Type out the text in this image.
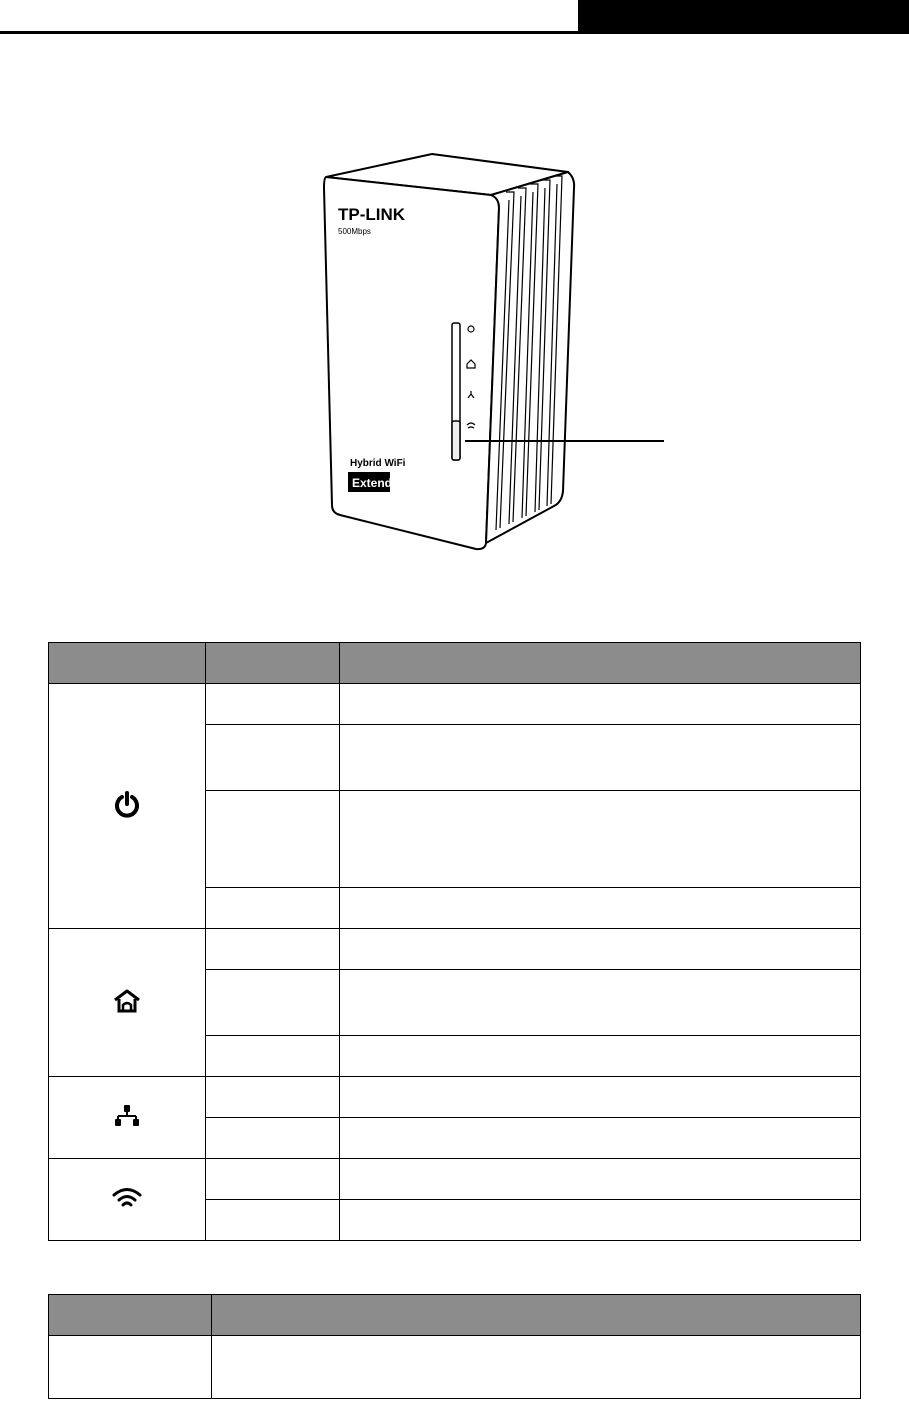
TP-LINK
500Mbps
Hybrid WiFi
Extender
